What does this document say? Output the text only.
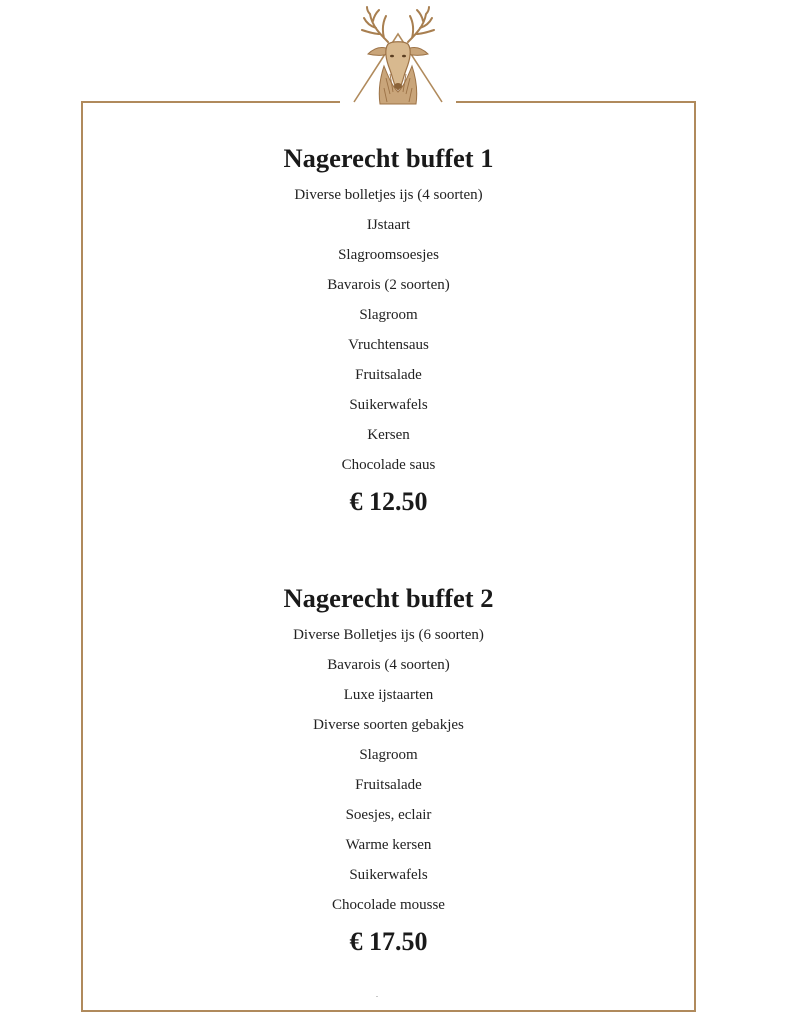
Nagerecht buffet 1
Diverse bolletjes ijs (4 soorten)
IJstaart
Slagroomsoesjes
Bavarois (2 soorten)
Slagroom
Vruchtensaus
Fruitsalade
Suikerwafels
Kersen
Chocolade saus
€ 12.50
Nagerecht buffet 2
Diverse Bolletjes ijs (6 soorten)
Bavarois (4 soorten)
Luxe ijstaarten
Diverse soorten gebakjes
Slagroom
Fruitsalade
Soesjes, eclair
Warme kersen
Suikerwafels
Chocolade mousse
€ 17.50
